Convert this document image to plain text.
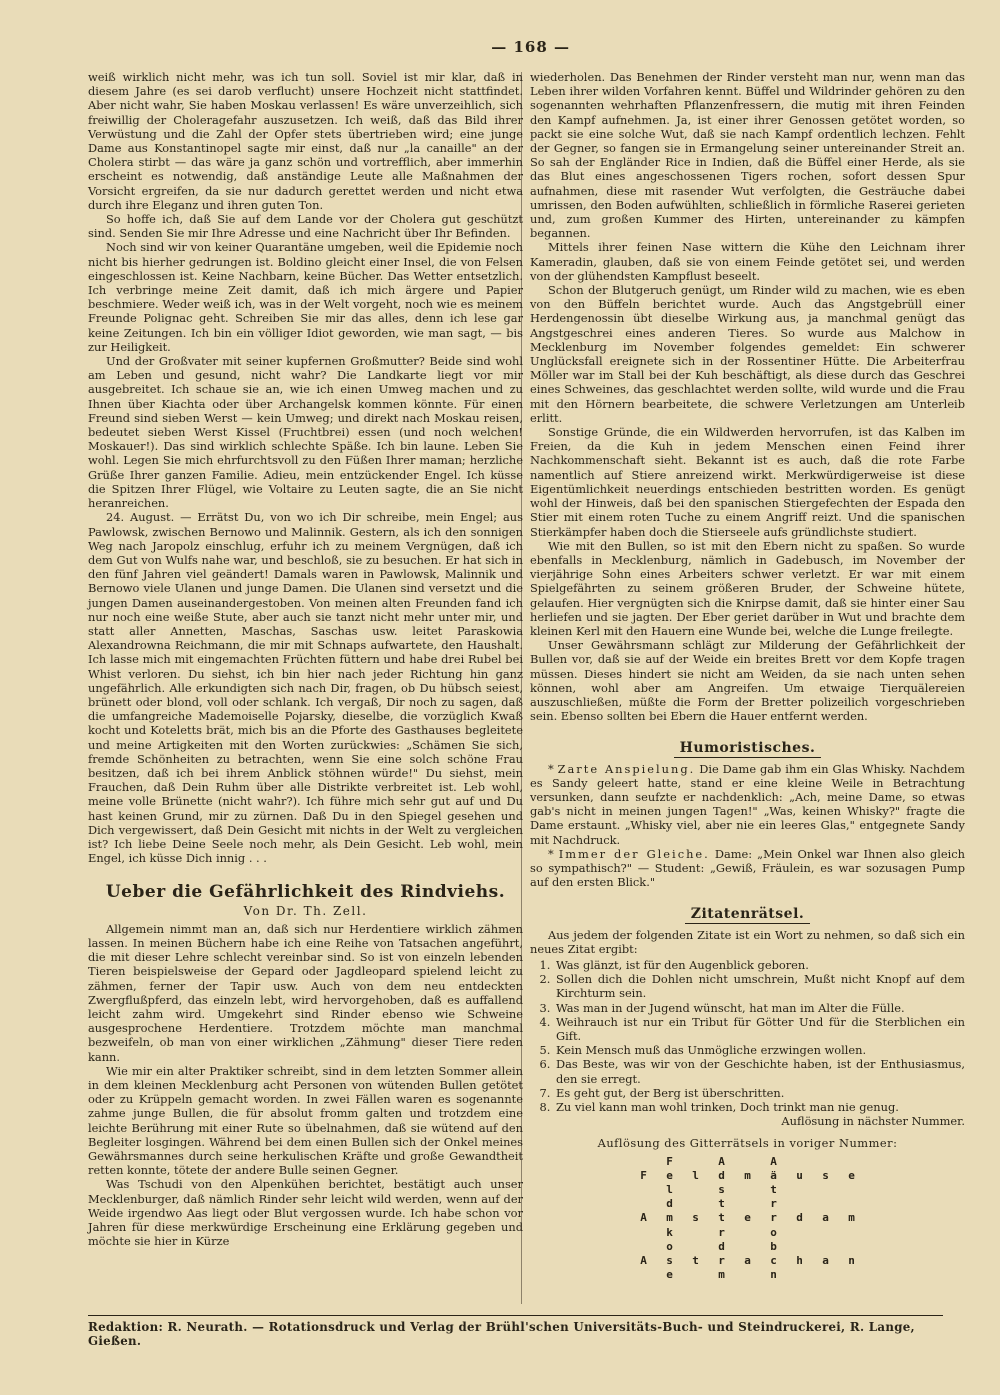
— 168 —

weiß wirklich nicht mehr, was ich tun soll. Soviel ist mir klar, daß in diesem Jahre (es sei darob verflucht) unsere Hochzeit nicht stattfindet. Aber nicht wahr, Sie haben Moskau verlassen! Es wäre unverzeihlich, sich freiwillig der Choleragefahr auszusetzen. Ich weiß, daß das Bild ihrer Verwüstung und die Zahl der Opfer stets übertrieben wird; eine junge Dame aus Konstantinopel sagte mir einst, daß nur „la canaille" an der Cholera stirbt — das wäre ja ganz schön und vortrefflich, aber immerhin erscheint es notwendig, daß anständige Leute alle Maßnahmen der Vorsicht ergreifen, da sie nur dadurch gerettet werden und nicht etwa durch ihre Eleganz und ihren guten Ton.

So hoffe ich, daß Sie auf dem Lande vor der Cholera gut geschützt sind. Senden Sie mir Ihre Adresse und eine Nachricht über Ihr Befinden.

Noch sind wir von keiner Quarantäne umgeben, weil die Epidemie noch nicht bis hierher gedrungen ist. Boldino gleicht einer Insel, die von Felsen eingeschlossen ist. Keine Nachbarn, keine Bücher. Das Wetter entsetzlich. Ich verbringe meine Zeit damit, daß ich mich ärgere und Papier beschmiere. Weder weiß ich, was in der Welt vorgeht, noch wie es meinem Freunde Polignac geht. Schreiben Sie mir das alles, denn ich lese gar keine Zeitungen. Ich bin ein völliger Idiot geworden, wie man sagt, — bis zur Heiligkeit.

Und der Großvater mit seiner kupfernen Großmutter? Beide sind wohl am Leben und gesund, nicht wahr? Die Landkarte liegt vor mir ausgebreitet. Ich schaue sie an, wie ich einen Umweg machen und zu Ihnen über Kiachta oder über Archangelsk kommen könnte. Für einen Freund sind sieben Werst — kein Umweg; und direkt nach Moskau reisen, bedeutet sieben Werst Kissel (Fruchtbrei) essen (und noch welchen! Moskauer!). Das sind wirklich schlechte Späße. Ich bin laune. Leben Sie wohl. Legen Sie mich ehrfurchtsvoll zu den Füßen Ihrer maman; herzliche Grüße Ihrer ganzen Familie. Adieu, mein entzückender Engel. Ich küsse die Spitzen Ihrer Flügel, wie Voltaire zu Leuten sagte, die an Sie nicht heranreichen.

24. August. — Errätst Du, von wo ich Dir schreibe, mein Engel; aus Pawlowsk, zwischen Bernowo und Malinnik. Gestern, als ich den sonnigen Weg nach Jaropolz einschlug, erfuhr ich zu meinem Vergnügen, daß ich dem Gut von Wulfs nahe war, und beschloß, sie zu besuchen. Er hat sich in den fünf Jahren viel geändert! Damals waren in Pawlowsk, Malinnik und Bernowo viele Ulanen und junge Damen. Die Ulanen sind versetzt und die jungen Damen auseinandergestoben. Von meinen alten Freunden fand ich nur noch eine weiße Stute, aber auch sie tanzt nicht mehr unter mir, und statt aller Annetten, Maschas, Saschas usw. leitet Paraskowia Alexandrowna Reichmann, die mir mit Schnaps aufwartete, den Haushalt. Ich lasse mich mit eingemachten Früchten füttern und habe drei Rubel bei Whist verloren. Du siehst, ich bin hier nach jeder Richtung hin ganz ungefährlich. Alle erkundigten sich nach Dir, fragen, ob Du hübsch seiest, brünett oder blond, voll oder schlank. Ich vergaß, Dir noch zu sagen, daß die umfangreiche Mademoiselle Pojarsky, dieselbe, die vorzüglich Kwaß kocht und Koteletts brät, mich bis an die Pforte des Gasthauses begleitete und meine Artigkeiten mit den Worten zurückwies: „Schämen Sie sich, fremde Schönheiten zu betrachten, wenn Sie eine solch schöne Frau besitzen, daß ich bei ihrem Anblick stöhnen würde!" Du siehst, mein Frauchen, daß Dein Ruhm über alle Distrikte verbreitet ist. Leb wohl, meine volle Brünette (nicht wahr?). Ich führe mich sehr gut auf und Du hast keinen Grund, mir zu zürnen. Daß Du in den Spiegel gesehen und Dich vergewissert, daß Dein Gesicht mit nichts in der Welt zu vergleichen ist? Ich liebe Deine Seele noch mehr, als Dein Gesicht. Leb wohl, mein Engel, ich küsse Dich innig . . .

Ueber die Gefährlichkeit des Rindviehs.
Von Dr. Th. Zell.

Allgemein nimmt man an, daß sich nur Herdentiere wirklich zähmen lassen. In meinen Büchern habe ich eine Reihe von Tatsachen angeführt, die mit dieser Lehre schlecht vereinbar sind. So ist von einzeln lebenden Tieren beispielsweise der Gepard oder Jagdleopard spielend leicht zu zähmen, ferner der Tapir usw. Auch von dem neu entdeckten Zwergflußpferd, das einzeln lebt, wird hervorgehoben, daß es auffallend leicht zahm wird. Umgekehrt sind Rinder ebenso wie Schweine ausgesprochene Herdentiere. Trotzdem möchte man manchmal bezweifeln, ob man von einer wirklichen „Zähmung" dieser Tiere reden kann.

Wie mir ein alter Praktiker schreibt, sind in dem letzten Sommer allein in dem kleinen Mecklenburg acht Personen von wütenden Bullen getötet oder zu Krüppeln gemacht worden. In zwei Fällen waren es sogenannte zahme junge Bullen, die für absolut fromm galten und trotzdem eine leichte Berührung mit einer Rute so übelnahmen, daß sie wütend auf den Begleiter losgingen. Während bei dem einen Bullen sich der Onkel meines Gewährsmannes durch seine herkulischen Kräfte und große Gewandtheit retten konnte, tötete der andere Bulle seinen Gegner.

Was Tschudi von den Alpenkühen berichtet, bestätigt auch unser Mecklenburger, daß nämlich Rinder sehr leicht wild werden, wenn auf der Weide irgendwo Aas liegt oder Blut vergossen wurde. Ich habe schon vor Jahren für diese merkwürdige Erscheinung eine Erklärung gegeben und möchte sie hier in Kürze

wiederholen. Das Benehmen der Rinder versteht man nur, wenn man das Leben ihrer wilden Vorfahren kennt. Büffel und Wildrinder gehören zu den sogenannten wehrhaften Pflanzenfressern, die mutig mit ihren Feinden den Kampf aufnehmen. Ja, ist einer ihrer Genossen getötet worden, so packt sie eine solche Wut, daß sie nach Kampf ordentlich lechzen. Fehlt der Gegner, so fangen sie in Ermangelung seiner untereinander Streit an. So sah der Engländer Rice in Indien, daß die Büffel einer Herde, als sie das Blut eines angeschossenen Tigers rochen, sofort dessen Spur aufnahmen, diese mit rasender Wut verfolgten, die Gesträuche dabei umrissen, den Boden aufwühlten, schließlich in förmliche Raserei gerieten und, zum großen Kummer des Hirten, untereinander zu kämpfen begannen.

Mittels ihrer feinen Nase wittern die Kühe den Leichnam ihrer Kameradin, glauben, daß sie von einem Feinde getötet sei, und werden von der glühendsten Kampflust beseelt.

Schon der Blutgeruch genügt, um Rinder wild zu machen, wie es eben von den Büffeln berichtet wurde. Auch das Angstgebrüll einer Herdengenossin übt dieselbe Wirkung aus, ja manchmal genügt das Angstgeschrei eines anderen Tieres. So wurde aus Malchow in Mecklenburg im November folgendes gemeldet: Ein schwerer Unglücksfall ereignete sich in der Rossentiner Hütte. Die Arbeiterfrau Möller war im Stall bei der Kuh beschäftigt, als diese durch das Geschrei eines Schweines, das geschlachtet werden sollte, wild wurde und die Frau mit den Hörnern bearbeitete, die schwere Verletzungen am Unterleib erlitt.

Sonstige Gründe, die ein Wildwerden hervorrufen, ist das Kalben im Freien, da die Kuh in jedem Menschen einen Feind ihrer Nachkommenschaft sieht. Bekannt ist es auch, daß die rote Farbe namentlich auf Stiere anreizend wirkt. Merkwürdigerweise ist diese Eigentümlichkeit neuerdings entschieden bestritten worden. Es genügt wohl der Hinweis, daß bei den spanischen Stiergefechten der Espada den Stier mit einem roten Tuche zu einem Angriff reizt. Und die spanischen Stierkämpfer haben doch die Stierseele aufs gründlichste studiert.

Wie mit den Bullen, so ist mit den Ebern nicht zu spaßen. So wurde ebenfalls in Mecklenburg, nämlich in Gadebusch, im November der vierjährige Sohn eines Arbeiters schwer verletzt. Er war mit einem Spielgefährten zu seinem größeren Bruder, der Schweine hütete, gelaufen. Hier vergnügten sich die Knirpse damit, daß sie hinter einer Sau herliefen und sie jagten. Der Eber geriet darüber in Wut und brachte dem kleinen Kerl mit den Hauern eine Wunde bei, welche die Lunge freilegte.

Unser Gewährsmann schlägt zur Milderung der Gefährlichkeit der Bullen vor, daß sie auf der Weide ein breites Brett vor dem Kopfe tragen müssen. Dieses hindert sie nicht am Weiden, da sie nach unten sehen können, wohl aber am Angreifen. Um etwaige Tierquälereien auszuschließen, müßte die Form der Bretter polizeilich vorgeschrieben sein. Ebenso sollten bei Ebern die Hauer entfernt werden.

Humoristisches.

* Zarte Anspielung. Die Dame gab ihm ein Glas Whisky. Nachdem es Sandy geleert hatte, stand er eine kleine Weile in Betrachtung versunken, dann seufzte er nachdenklich: „Ach, meine Dame, so etwas gab's nicht in meinen jungen Tagen!" „Was, keinen Whisky?" fragte die Dame erstaunt. „Whisky viel, aber nie ein leeres Glas," entgegnete Sandy mit Nachdruck.

* Immer der Gleiche. Dame: „Mein Onkel war Ihnen also gleich so sympathisch?" — Student: „Gewiß, Fräulein, es war sozusagen Pump auf den ersten Blick."

Zitatenrätsel.

Aus jedem der folgenden Zitate ist ein Wort zu nehmen, so daß sich ein neues Zitat ergibt:

1. Was glänzt, ist für den Augenblick geboren.
2. Sollen dich die Dohlen nicht umschrein, Mußt nicht Knopf auf dem Kirchturm sein.
3. Was man in der Jugend wünscht, hat man im Alter die Fülle.
4. Weihrauch ist nur ein Tribut für Götter Und für die Sterblichen ein Gift.
5. Kein Mensch muß das Unmögliche erzwingen wollen.
6. Das Beste, was wir von der Geschichte haben, ist der Enthusiasmus, den sie erregt.
7. Es geht gut, der Berg ist überschritten.
8. Zu viel kann man wohl trinken, Doch trinkt man nie genug.

Auflösung in nächster Nummer.

Auflösung des Gitterrätsels in voriger Nummer:
	F		A		A			
F	e	l	d	m	ä	u	s	e
	l		s		t			
	d		t		r			
A	m	s	t	e	r	d	a	m
	k		r		o			
	o		d		b			
A	s	t	r	a	c	h	a	n
	e		m		n			
Redaktion: R. Neurath. — Rotationsdruck und Verlag der Brühl'schen Universitäts-Buch- und Steindruckerei, R. Lange, Gießen.
